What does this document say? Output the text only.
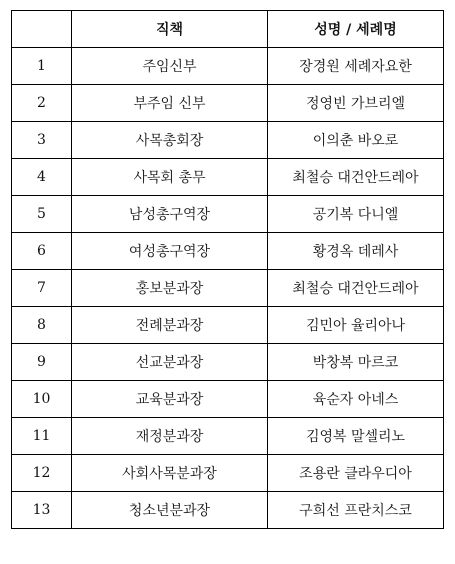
	직책	성명 / 세례명
1	주임신부	장경원 세례자요한
2	부주임 신부	정영빈 가브리엘
3	사목총회장	이의춘 바오로
4	사목회 총무	최철승 대건안드레아
5	남성총구역장	공기복 다니엘
6	여성총구역장	황경옥 데레사
7	홍보분과장	최철승 대건안드레아
8	전례분과장	김민아 율리아나
9	선교분과장	박창복 마르코
10	교육분과장	육순자 아네스
11	재정분과장	김영복 말셀리노
12	사회사목분과장	조용란 클라우디아
13	청소년분과장	구희선 프란치스코
